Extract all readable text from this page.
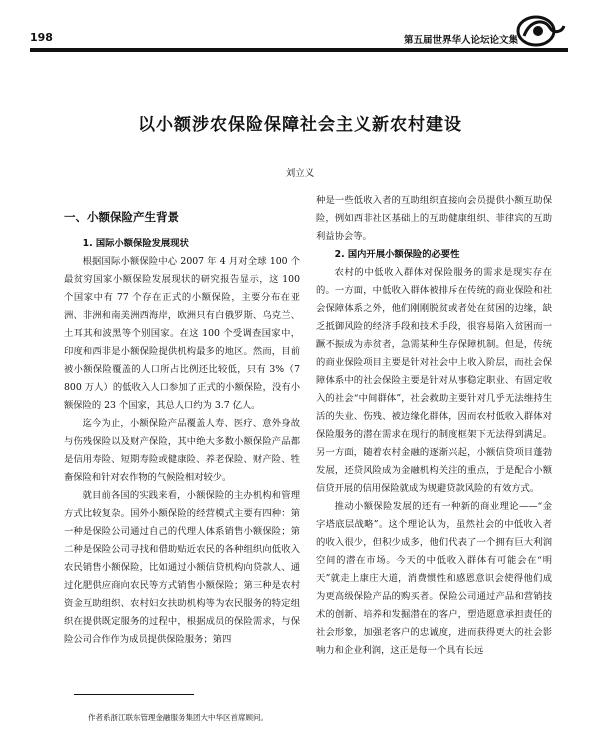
198	第五届世界华人论坛论文集
以小额涉农保险保障社会主义新农村建设
刘立义
一、小额保险产生背景
1. 国际小额保险发展现状

根据国际小额保险中心 2007 年 4 月对全球 100 个最贫穷国家小额保险发展现状的研究报告显示，这 100 个国家中有 77 个存在正式的小额保险，主要分布在亚洲、非洲和南美洲西海岸，欧洲只有白俄罗斯、乌克兰、土耳其和波黑等个别国家。在这 100 个受调查国家中，印度和西非是小额保险提供机构最多的地区。然而，目前被小额保险覆盖的人口所占比例还比较低，只有 3%（7 800 万人）的低收入人口参加了正式的小额保险，没有小额保险的 23 个国家，其总人口约为 3.7 亿人。

迄今为止，小额保险产品覆盖人寿、医疗、意外身故与伤残保险以及财产保险，其中绝大多数小额保险产品都是信用寿险、短期寿险或健康险、养老保险、财产险、牲畜保险和针对农作物的气候险相对较少。

就目前各国的实践来看，小额保险的主办机构和管理方式比较复杂。国外小额保险的经营模式主要有四种：第一种是保险公司通过自己的代理人体系销售小额保险；第二种是保险公司寻找和借助贴近农民的各种组织向低收入农民销售小额保险，比如通过小额信贷机构向贷款人、通过化肥供应商向农民等方式销售小额保险；第三种是农村资金互助组织、农村妇女扶助机构等为农民服务的特定组织在提供既定服务的过程中，根据成员的保险需求，与保险公司合作作为成员提供保险服务；第四

种是一些低收入者的互助组织直接向会员提供小额互助保险，例如西非社区基础上的互助健康组织、菲律宾的互助利益协会等。

2. 国内开展小额保险的必要性

农村的中低收入群体对保险服务的需求是现实存在的。一方面，中低收入群体被排斥在传统的商业保险和社会保障体系之外，他们刚刚脱贫或者处在贫困的边缘，缺乏抵御风险的经济手段和技术手段，很容易陷入贫困而一蹶不振成为赤贫者，急需某种生存保障机制。但是，传统的商业保险项目主要是针对社会中上收入阶层，而社会保障体系中的社会保险主要是针对从事稳定职业、有固定收入的社会“中间群体”，社会救助主要针对几乎无法维持生活的失业、伤残、被边缘化群体，因而农村低收入群体对保险服务的潜在需求在现行的制度框架下无法得到满足。另一方面，随着农村金融的逐渐兴起，小额信贷项目蓬勃发展，还贷风险成为金融机构关注的重点，于是配合小额信贷开展的信用保险就成为规避贷款风险的有效方式。

推动小额保险发展的还有一种新的商业理论——“金字塔底层战略”。这个理论认为，虽然社会的中低收入者的收入很少，但积少成多，他们代表了一个拥有巨大利润空间的潜在市场。今天的中低收入群体有可能会在“明天”就走上康庄大道，消费惯性和感恩意识会使得他们成为更高级保险产品的购买者。保险公司通过产品和营销技术的创新、培养和发掘潜在的客户，塑造愿意承担责任的社会形象，加强老客户的忠诚度，进而获得更大的社会影响力和企业利润，这正是每一个具有长远

作者系浙江联东管理金融服务集团大中华区首席顾问。
